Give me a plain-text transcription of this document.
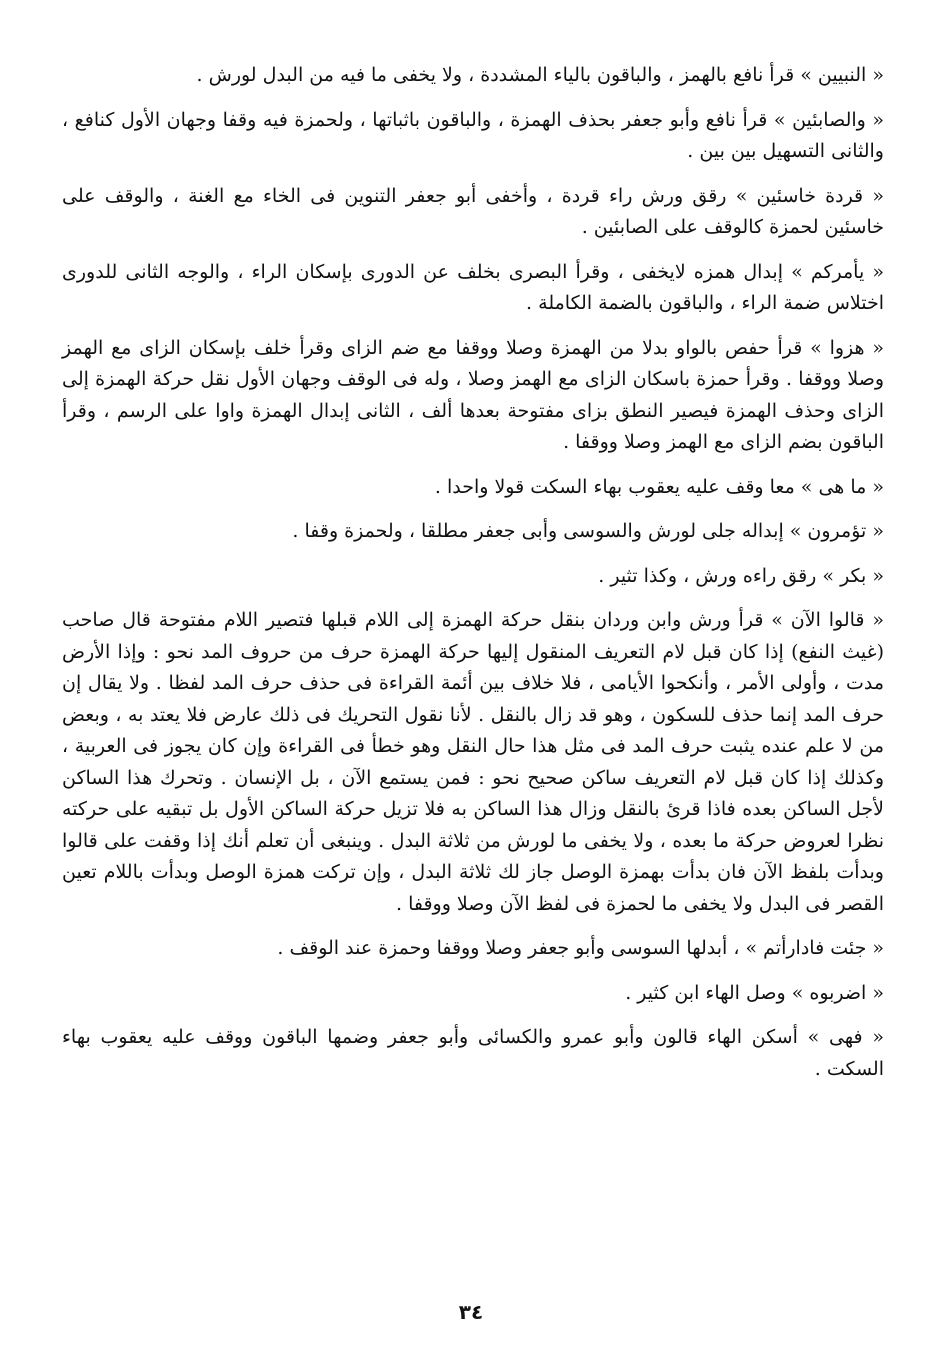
« النبيين » قرأ نافع بالهمز ، والباقون بالياء المشددة ، ولا يخفى ما فيه من البدل لورش .

« والصابئين » قرأ نافع وأبو جعفر بحذف الهمزة ، والباقون باثباتها ، ولحمزة فيه وقفا وجهان الأول كنافع ، والثانى التسهيل بين بين .

« قردة خاسئين » رقق ورش راء قردة ، وأخفى أبو جعفر التنوين فى الخاء مع الغنة ، والوقف على خاسئين لحمزة كالوقف على الصابئين .

« يأمركم » إبدال همزه لايخفى ، وقرأ البصرى بخلف عن الدورى بإسكان الراء ، والوجه الثانى للدورى اختلاس ضمة الراء ، والباقون بالضمة الكاملة .

« هزوا » قرأ حفص بالواو بدلا من الهمزة وصلا ووقفا مع ضم الزاى وقرأ خلف بإسكان الزاى مع الهمز وصلا ووقفا . وقرأ حمزة باسكان الزاى مع الهمز وصلا ، وله فى الوقف وجهان الأول نقل حركة الهمزة إلى الزاى وحذف الهمزة فيصير النطق بزاى مفتوحة بعدها ألف ، الثانى إبدال الهمزة واوا على الرسم ، وقرأ الباقون بضم الزاى مع الهمز وصلا ووقفا .

« ما هى » معا وقف عليه يعقوب بهاء السكت قولا واحدا .

« تؤمرون » إبداله جلى لورش والسوسى وأبى جعفر مطلقا ، ولحمزة وقفا .

« بكر » رقق راءه ورش ، وكذا تثير .

« قالوا الآن » قرأ ورش وابن وردان بنقل حركة الهمزة إلى اللام قبلها فتصير اللام مفتوحة قال صاحب (غيث النفع) إذا كان قبل لام التعريف المنقول إليها حركة الهمزة حرف من حروف المد نحو : وإذا الأرض مدت ، وأولى الأمر ، وأنكحوا الأيامى ، فلا خلاف بين أئمة القراءة فى حذف حرف المد لفظا . ولا يقال إن حرف المد إنما حذف للسكون ، وهو قد زال بالنقل . لأنا نقول التحريك فى ذلك عارض فلا يعتد به ، وبعض من لا علم عنده يثبت حرف المد فى مثل هذا حال النقل وهو خطأ فى القراءة وإن كان يجوز فى العربية ، وكذلك إذا كان قبل لام التعريف ساكن صحيح نحو : فمن يستمع الآن ، بل الإنسان . وتحرك هذا الساكن لأجل الساكن بعده فاذا قرئ بالنقل وزال هذا الساكن به فلا تزيل حركة الساكن الأول بل تبقيه على حركته نظرا لعروض حركة ما بعده ، ولا يخفى ما لورش من ثلاثة البدل . وينبغى أن تعلم أنك إذا وقفت على قالوا وبدأت بلفظ الآن فان بدأت بهمزة الوصل جاز لك ثلاثة البدل ، وإن تركت همزة الوصل وبدأت باللام تعين القصر فى البدل ولا يخفى ما لحمزة فى لفظ الآن وصلا ووقفا .

« جئت فادارأتم » ، أبدلها السوسى وأبو جعفر وصلا ووقفا وحمزة عند الوقف .

« اضربوه » وصل الهاء ابن كثير .

« فهى » أسكن الهاء قالون وأبو عمرو والكسائى وأبو جعفر وضمها الباقون ووقف عليه يعقوب بهاء السكت .

٣٤
